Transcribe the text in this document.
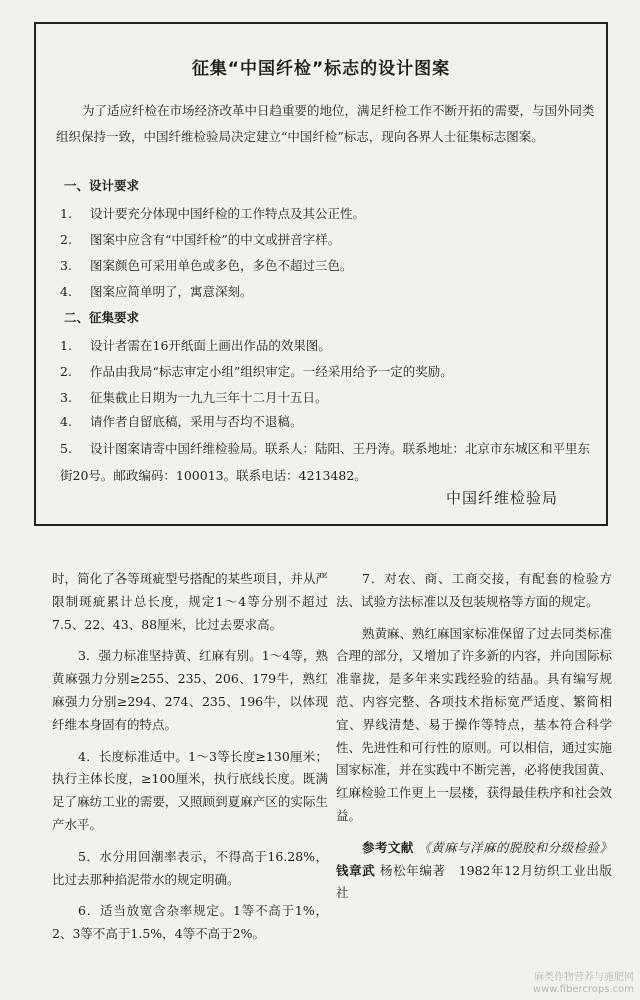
征集“中国纤检”标志的设计图案

为了适应纤检在市场经济改革中日趋重要的地位，满足纤检工作不断开拓的需要，与国外同类组织保持一致，中国纤维检验局决定建立“中国纤检”标志，现向各界人士征集标志图案。

一、设计要求
1. 设计要充分体现中国纤检的工作特点及其公正性。
2. 图案中应含有“中国纤检”的中文或拼音字样。
3. 图案颜色可采用单色或多色，多色不超过三色。
4. 图案应简单明了，寓意深刻。
二、征集要求
1. 设计者需在16开纸面上画出作品的效果图。
2. 作品由我局“标志审定小组”组织审定。一经采用给予一定的奖励。
3. 征集截止日期为一九九三年十二月十五日。
4. 请作者自留底稿，采用与否均不退稿。
5. 设计图案请寄中国纤维检验局。联系人：陆阳、王丹涛。联系地址：北京市东城区和平里东街20号。邮政编码：100013。联系电话：4213482。
中国纤维检验局

时，简化了各等斑疵型号搭配的某些项目，并从严限制斑疵累计总长度，规定1～4等分别不超过7.5、22、43、88厘米，比过去要求高。

3．强力标准坚持黄、红麻有别。1～4等，熟黄麻强力分别≥255、235、206、179牛，熟红麻强力分别≥294、274、235、196牛，以体现纤维本身固有的特点。

4．长度标准适中。1～3等长度≥130厘米；执行主体长度，≥100厘米，执行底线长度。既满足了麻纺工业的需要，又照顾到夏麻产区的实际生产水平。

5．水分用回潮率表示，不得高于16.28%，比过去那种掐泥带水的规定明确。

6．适当放宽含杂率规定。1等不高于1%，2、3等不高于1.5%，4等不高于2%。

7．对农、商、工商交接，有配套的检验方法、试验方法标准以及包装规格等方面的规定。

熟黄麻、熟红麻国家标准保留了过去同类标准合理的部分，又增加了许多新的内容，并向国际标准靠拢，是多年来实践经验的结晶。具有编写规范、内容完整、各项技术指标宽严适度、繁简相宜、界线清楚、易于操作等特点，基本符合科学性、先进性和可行性的原则。可以相信，通过实施国家标准，并在实践中不断完善，必将使我国黄、红麻检验工作更上一层楼，获得最佳秩序和社会效益。

参考文献 《黄麻与洋麻的脱胶和分级检验》钱章武 杨松年编著　1982年12月纺织工业出版社

麻类作物营养与施肥网
www.fibercrops.com
